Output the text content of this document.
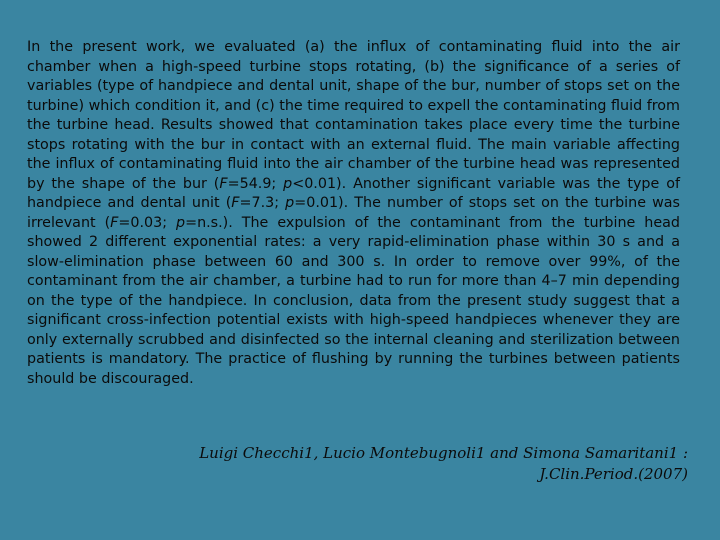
In the present work, we evaluated (a) the influx of contaminating fluid into the air chamber when a high-speed turbine stops rotating, (b) the significance of a series of variables (type of handpiece and dental unit, shape of the bur, number of stops set on the turbine) which condition it, and (c) the time required to expell the contaminating fluid from the turbine head. Results showed that contamination takes place every time the turbine stops rotating with the bur in contact with an external fluid. The main variable affecting the influx of contaminating fluid into the air chamber of the turbine head was represented by the shape of the bur (F=54.9; p<0.01). Another significant variable was the type of handpiece and dental unit (F=7.3; p=0.01). The number of stops set on the turbine was irrelevant (F=0.03; p=n.s.). The expulsion of the contaminant from the turbine head showed 2 different exponential rates: a very rapid-elimination phase within 30 s and a slow-elimination phase between 60 and 300 s. In order to remove over 99%, of the contaminant from the air chamber, a turbine had to run for more than 4–7 min depending on the type of the handpiece. In conclusion, data from the present study suggest that a significant cross-infection potential exists with high-speed handpieces whenever they are only externally scrubbed and disinfected so the internal cleaning and sterilization between patients is mandatory. The practice of flushing by running the turbines between patients should be discouraged.

Luigi Checchi1, Lucio Montebugnoli1 and Simona Samaritani1 :
J.Clin.Period.(2007)
